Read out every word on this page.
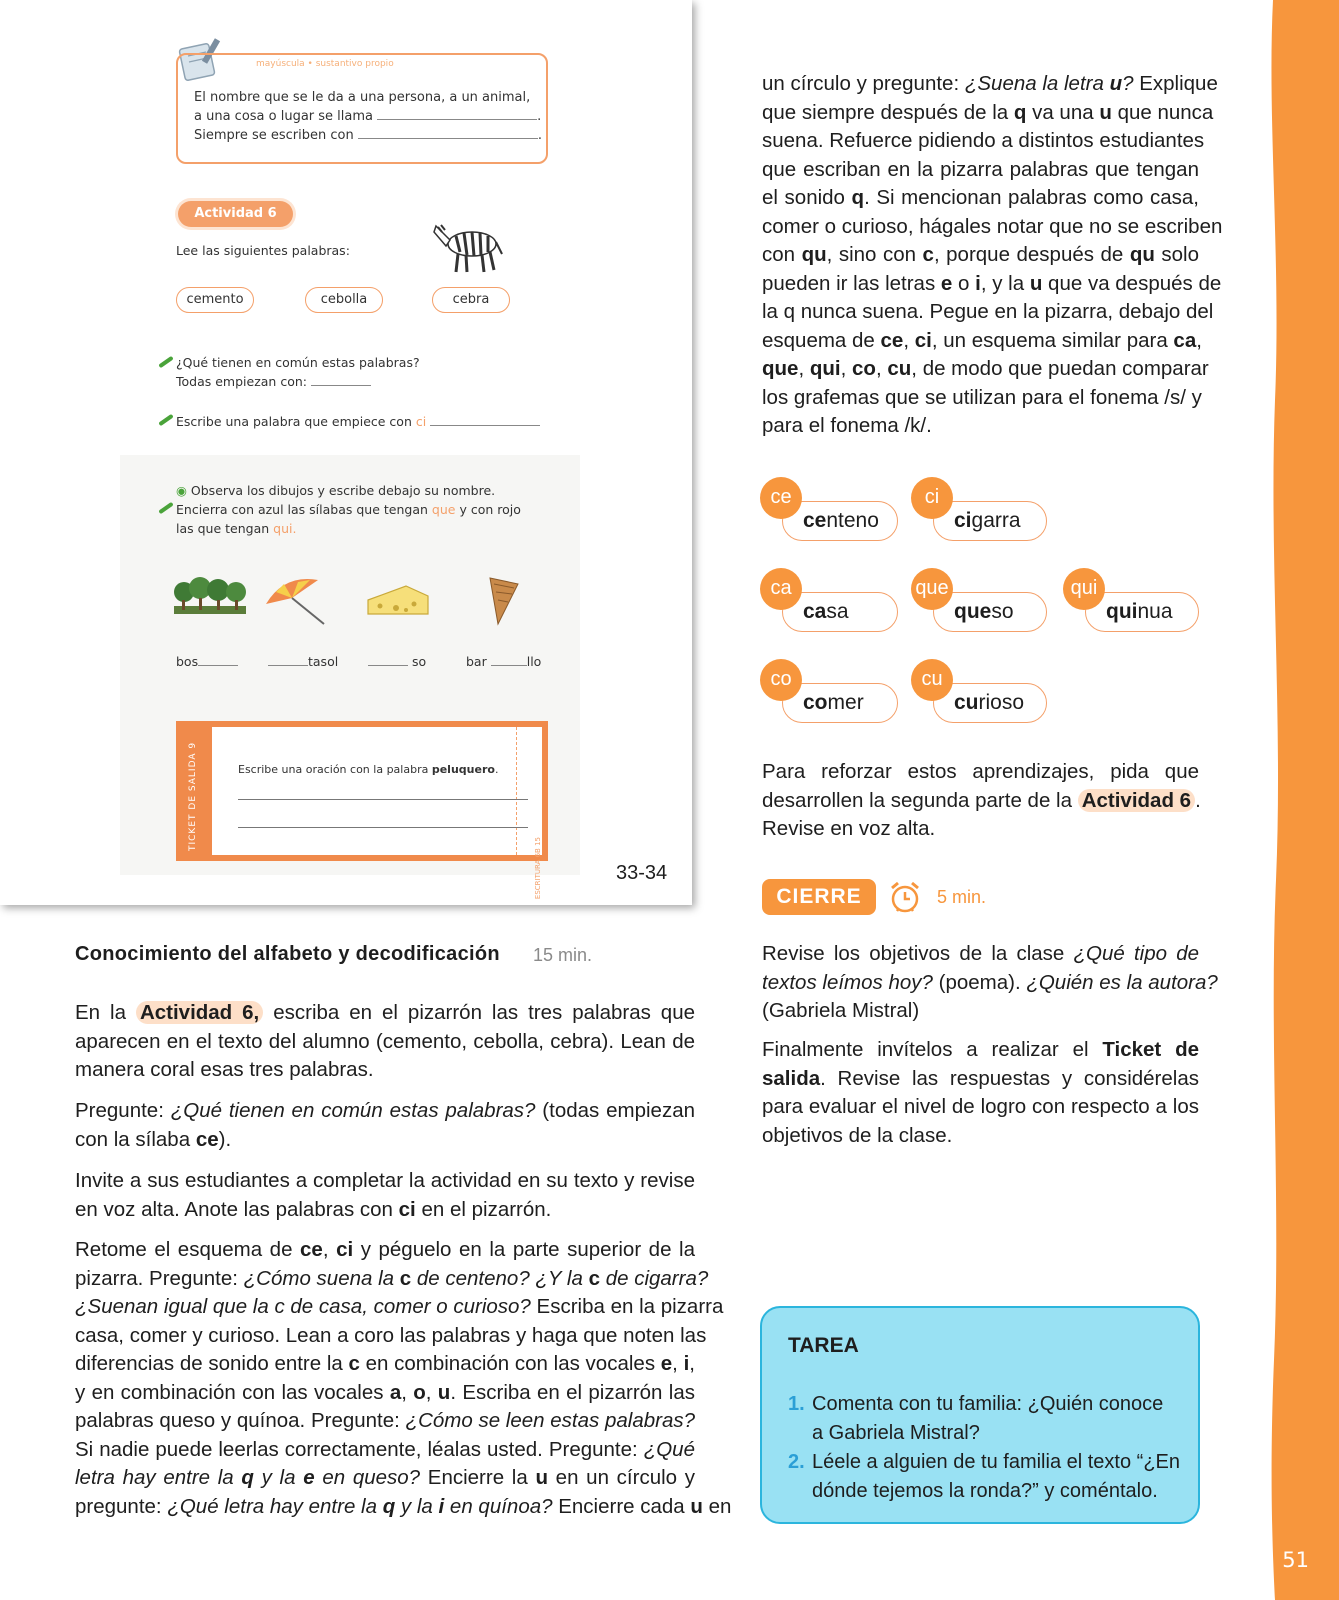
51
mayúscula • sustantivo propio
El nombre que se le da a una persona, a un animal,
a una cosa o lugar se llama	.
Siempre se escriben con	.
Actividad 6
Lee las siguientes palabras:
cemento	cebolla	cebra
¿Qué tienen en común estas palabras?
Todas empiezan con:
Escribe una palabra que empiece con ci
◉ Observa los dibujos y escribe debajo su nombre.
Encierra con azul las sílabas que tengan que y con rojo
las que tengan qui.
bos	tasol	so	bar	llo
TICKET DE SALIDA 9
ESCRITURA 6B 15
Escribe una oración con la palabra peluquero.
33-34
Conocimiento del alfabeto y decodificación 15 min.
En la Actividad 6, escriba en el pizarrón las tres palabras que
aparecen en el texto del alumno (cemento, cebolla, cebra). Lean de
manera coral esas tres palabras.
Pregunte: ¿Qué tienen en común estas palabras? (todas empiezan
con la sílaba ce).
Invite a sus estudiantes a completar la actividad en su texto y revise
en voz alta. Anote las palabras con ci en el pizarrón.
Retome el esquema de ce, ci y péguelo en la parte superior de la
pizarra. Pregunte: ¿Cómo suena la c de centeno? ¿Y la c de cigarra?
¿Suenan igual que la c de casa, comer o curioso? Escriba en la pizarra
casa, comer y curioso. Lean a coro las palabras y haga que noten las
diferencias de sonido entre la c en combinación con las vocales e, i,
y en combinación con las vocales a, o, u. Escriba en el pizarrón las
palabras queso y quínoa. Pregunte: ¿Cómo se leen estas palabras?
Si nadie puede leerlas correctamente, léalas usted. Pregunte: ¿Qué
letra hay entre la q y la e en queso? Encierre la u en un círculo y
pregunte: ¿Qué letra hay entre la q y la i en quínoa? Encierre cada u en
un círculo y pregunte: ¿Suena la letra u? Explique
que siempre después de la q va una u que nunca
suena. Refuerce pidiendo a distintos estudiantes
que escriban en la pizarra palabras que tengan
el sonido q. Si mencionan palabras como casa,
comer o curioso, hágales notar que no se escriben
con qu, sino con c, porque después de qu solo
pueden ir las letras e o i, y la u que va después de
la q nunca suena. Pegue en la pizarra, debajo del
esquema de ce, ci, un esquema similar para ca,
que, qui, co, cu, de modo que puedan comparar
los grafemas que se utilizan para el fonema /s/ y
para el fonema /k/.
centeno
ce
cigarra
ci
casa
ca
queso
que
quinua
qui
comer
co
curioso
cu
Para reforzar estos aprendizajes, pida que
desarrollen la segunda parte de la Actividad 6 .
Revise en voz alta.
CIERRE	5 min.
Revise los objetivos de la clase ¿Qué tipo de
textos leímos hoy? (poema). ¿Quién es la autora?
(Gabriela Mistral)
Finalmente invítelos a realizar el Ticket de
salida. Revise las respuestas y considérelas
para evaluar el nivel de logro con respecto a los
objetivos de la clase.
TAREA
1. Comenta con tu familia: ¿Quién conoce
a Gabriela Mistral?
2. Léele a alguien de tu familia el texto “¿En
dónde tejemos la ronda?” y coméntalo.
